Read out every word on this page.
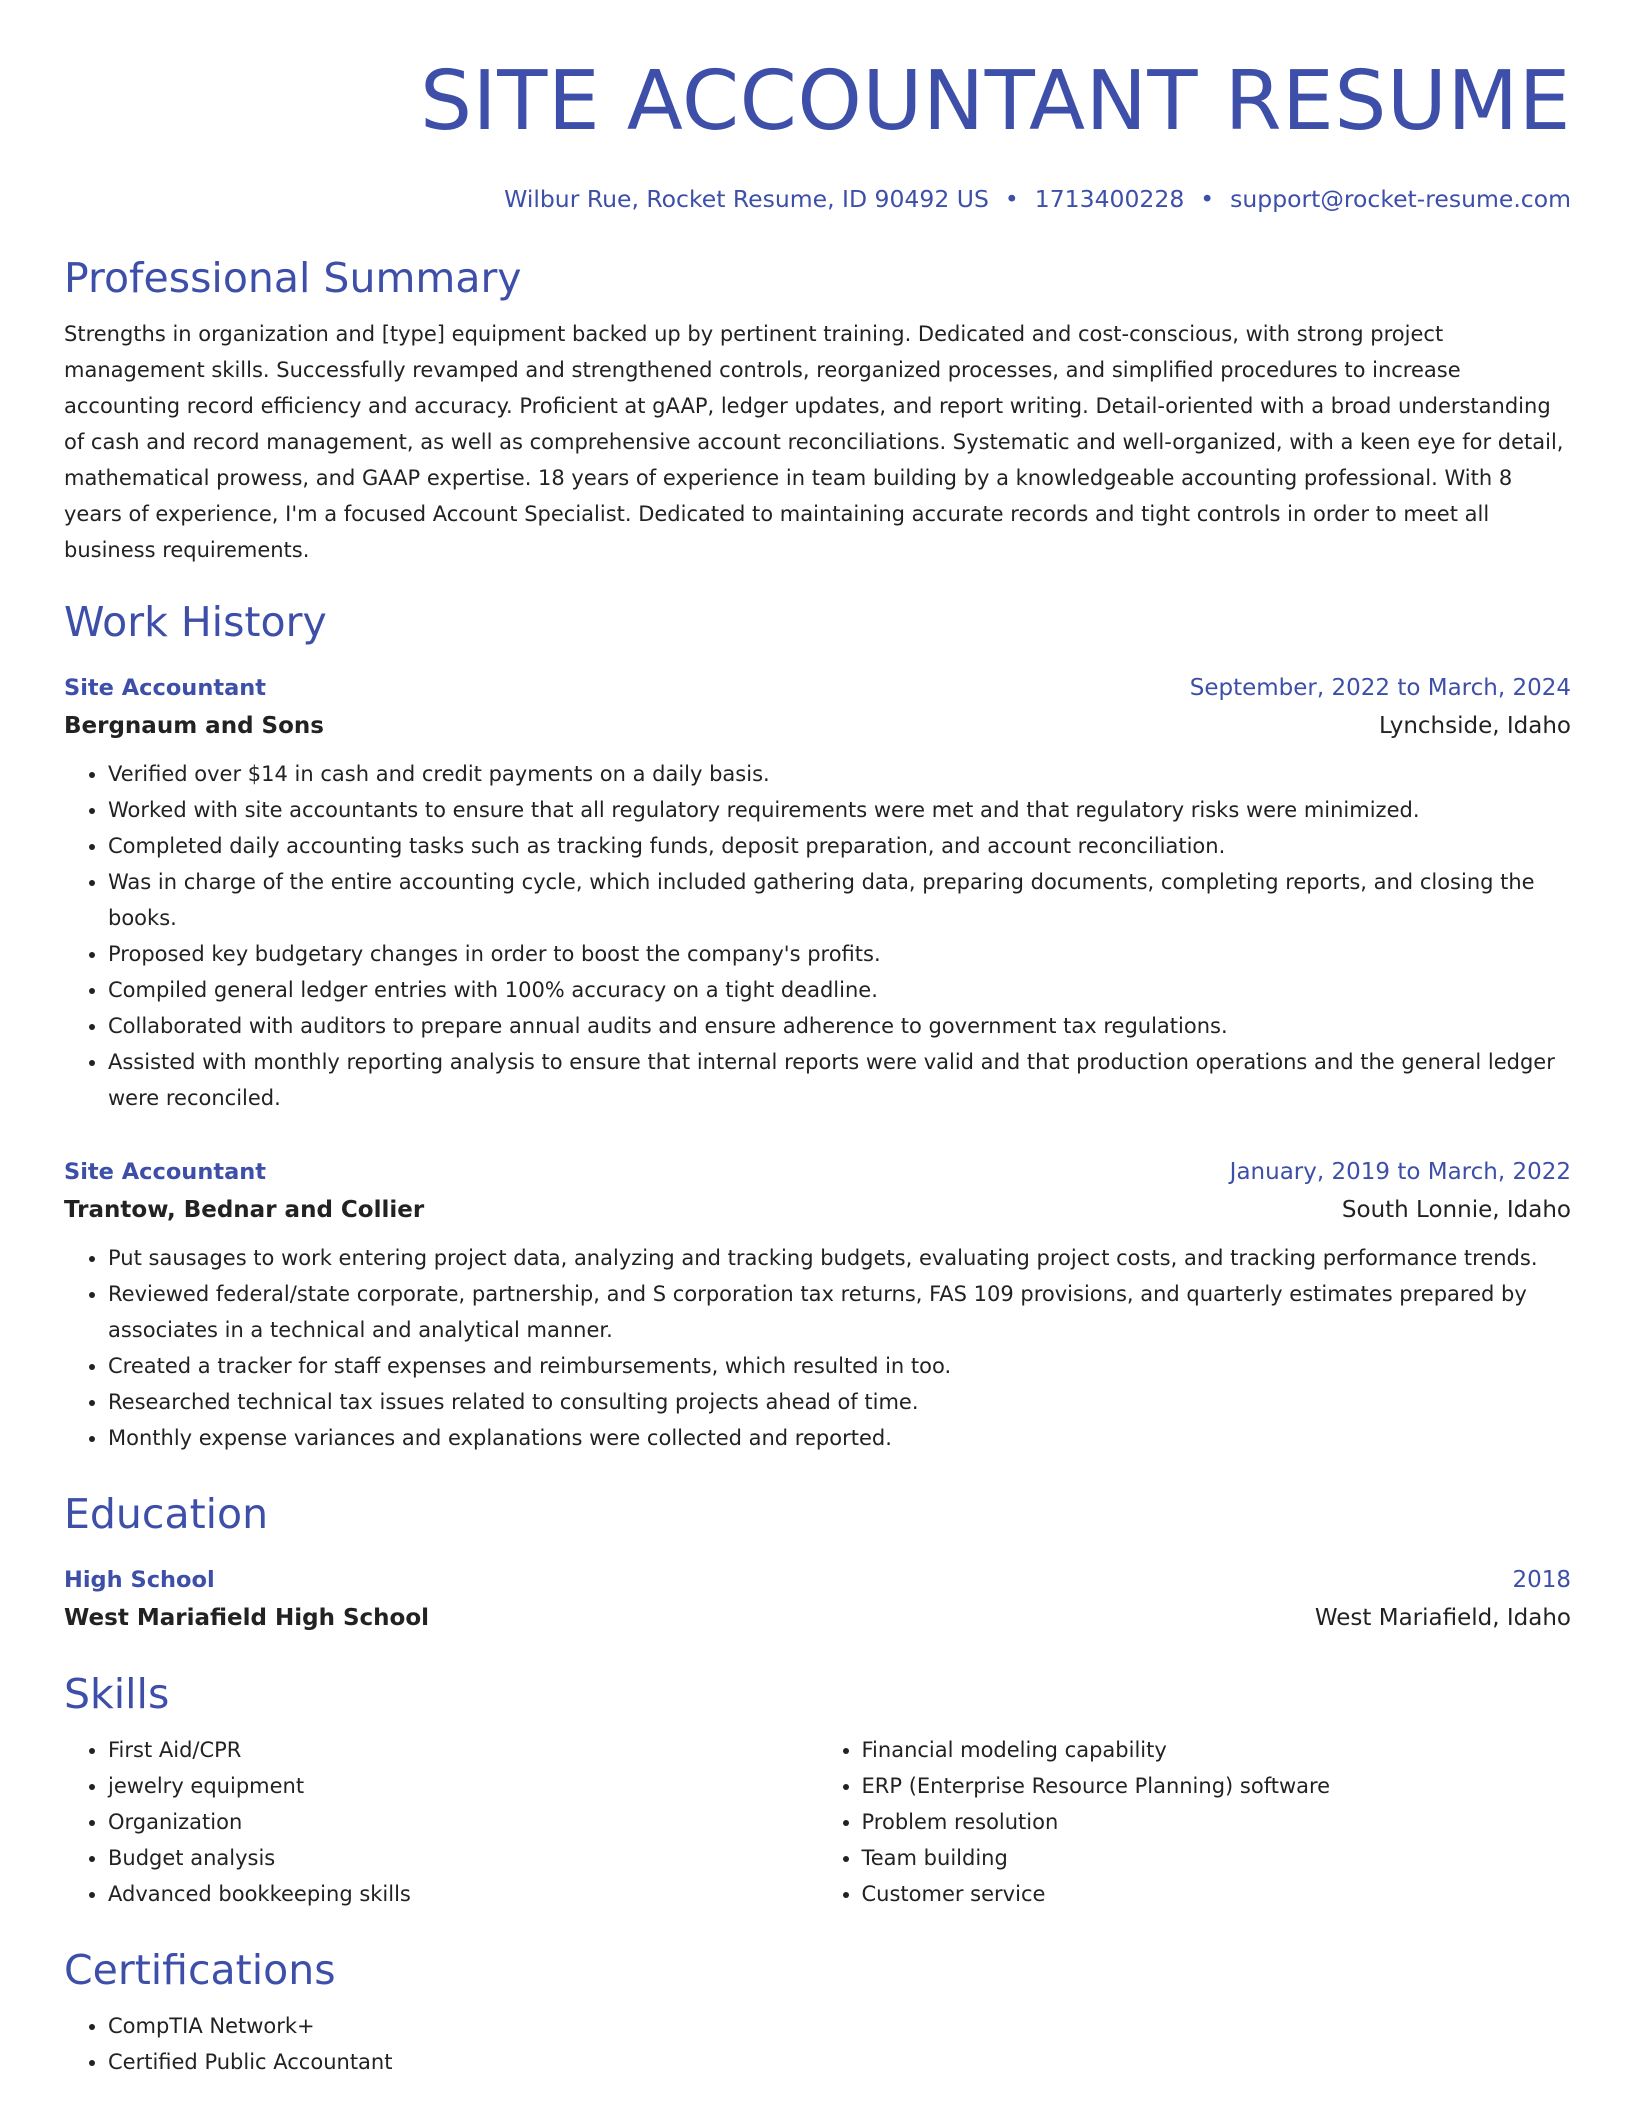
SITE ACCOUNTANT RESUME
Wilbur Rue, Rocket Resume, ID 90492 US • 1713400228 • support@rocket-resume.com
Professional Summary
Strengths in organization and [type] equipment backed up by pertinent training. Dedicated and cost-conscious, with strong project management skills. Successfully revamped and strengthened controls, reorganized processes, and simplified procedures to increase accounting record efficiency and accuracy. Proficient at gAAP, ledger updates, and report writing. Detail-oriented with a broad understanding of cash and record management, as well as comprehensive account reconciliations. Systematic and well-organized, with a keen eye for detail, mathematical prowess, and GAAP expertise. 18 years of experience in team building by a knowledgeable accounting professional. With 8 years of experience, I'm a focused Account Specialist. Dedicated to maintaining accurate records and tight controls in order to meet all business requirements.
Work History
Site Accountant	September, 2022 to March, 2024
Bergnaum and Sons	Lynchside, Idaho
• Verified over $14 in cash and credit payments on a daily basis.
• Worked with site accountants to ensure that all regulatory requirements were met and that regulatory risks were minimized.
• Completed daily accounting tasks such as tracking funds, deposit preparation, and account reconciliation.
• Was in charge of the entire accounting cycle, which included gathering data, preparing documents, completing reports, and closing the books.
• Proposed key budgetary changes in order to boost the company's profits.
• Compiled general ledger entries with 100% accuracy on a tight deadline.
• Collaborated with auditors to prepare annual audits and ensure adherence to government tax regulations.
• Assisted with monthly reporting analysis to ensure that internal reports were valid and that production operations and the general ledger were reconciled.
Site Accountant	January, 2019 to March, 2022
Trantow, Bednar and Collier	South Lonnie, Idaho
• Put sausages to work entering project data, analyzing and tracking budgets, evaluating project costs, and tracking performance trends.
• Reviewed federal/state corporate, partnership, and S corporation tax returns, FAS 109 provisions, and quarterly estimates prepared by associates in a technical and analytical manner.
• Created a tracker for staff expenses and reimbursements, which resulted in too.
• Researched technical tax issues related to consulting projects ahead of time.
• Monthly expense variances and explanations were collected and reported.
Education
High School	2018
West Mariafield High School	West Mariafield, Idaho
Skills
• First Aid/CPR
• jewelry equipment
• Organization
• Budget analysis
• Advanced bookkeeping skills
• Financial modeling capability
• ERP (Enterprise Resource Planning) software
• Problem resolution
• Team building
• Customer service
Certifications
• CompTIA Network+
• Certified Public Accountant
